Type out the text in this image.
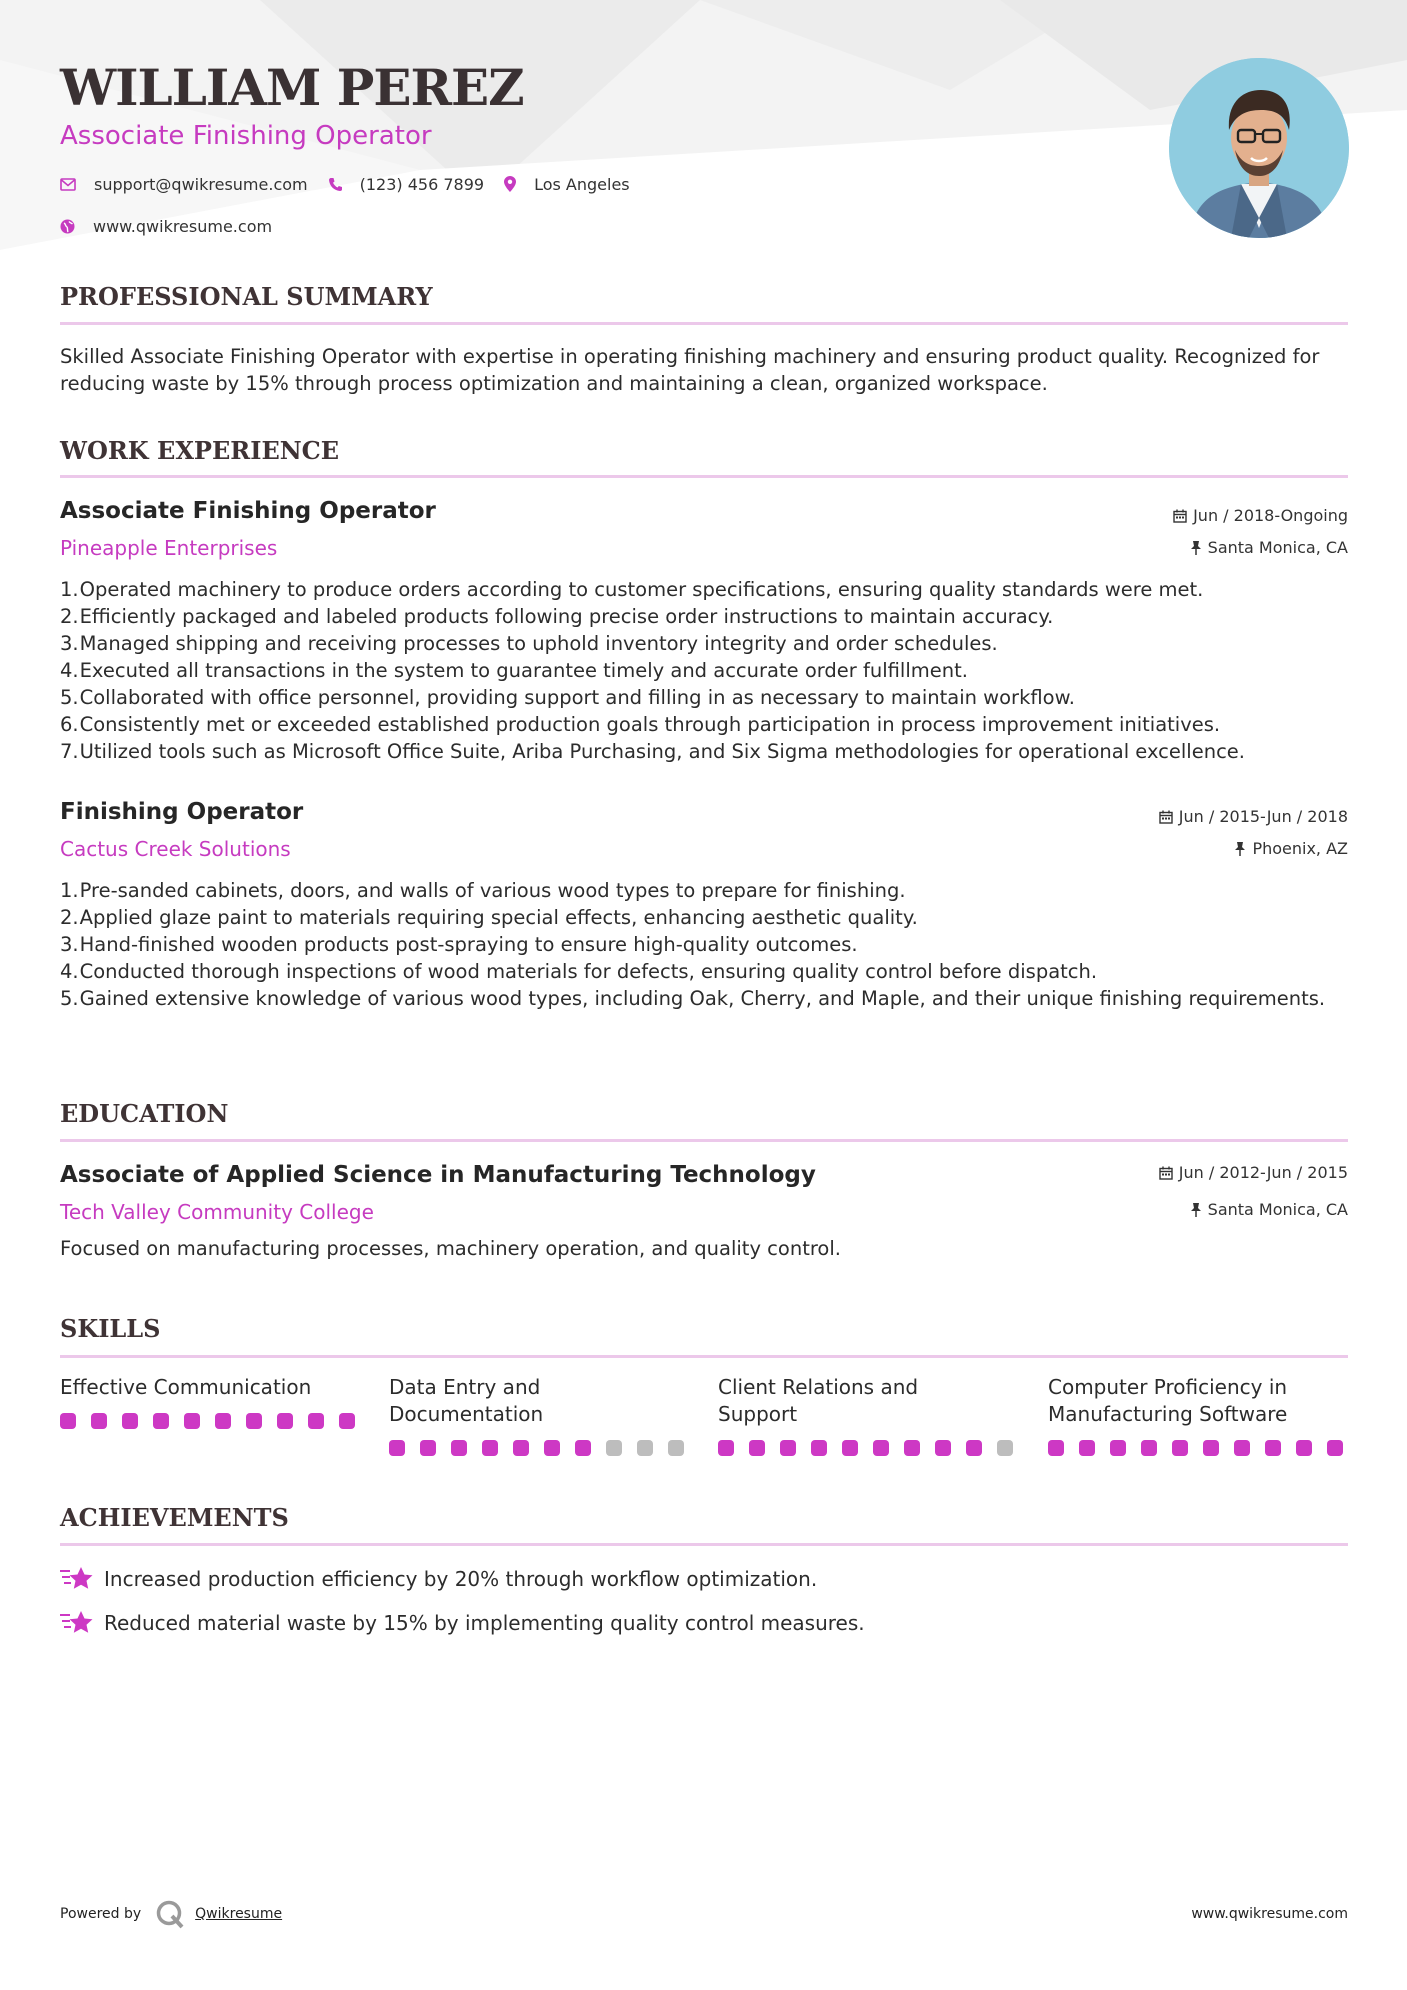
WILLIAM PEREZ

Associate Finishing Operator

support@qwikresume.com	(123) 456 7899	Los Angeles
www.qwikresume.com
PROFESSIONAL SUMMARY

Skilled Associate Finishing Operator with expertise in operating finishing machinery and ensuring product quality. Recognized for reducing waste by 15% through process optimization and maintaining a clean, organized workspace.

WORK EXPERIENCE
Associate Finishing Operator	Jun / 2018-Ongoing

Pineapple Enterprises	Santa Monica, CA
1. Operated machinery to produce orders according to customer specifications, ensuring quality standards were met.
2. Efficiently packaged and labeled products following precise order instructions to maintain accuracy.
3. Managed shipping and receiving processes to uphold inventory integrity and order schedules.
4. Executed all transactions in the system to guarantee timely and accurate order fulfillment.
5. Collaborated with office personnel, providing support and filling in as necessary to maintain workflow.
6. Consistently met or exceeded established production goals through participation in process improvement initiatives.
7. Utilized tools such as Microsoft Office Suite, Ariba Purchasing, and Six Sigma methodologies for operational excellence.
Finishing Operator	Jun / 2015-Jun / 2018

Cactus Creek Solutions	Phoenix, AZ
1. Pre-sanded cabinets, doors, and walls of various wood types to prepare for finishing.
2. Applied glaze paint to materials requiring special effects, enhancing aesthetic quality.
3. Hand-finished wooden products post-spraying to ensure high-quality outcomes.
4. Conducted thorough inspections of wood materials for defects, ensuring quality control before dispatch.
5. Gained extensive knowledge of various wood types, including Oak, Cherry, and Maple, and their unique finishing requirements.
EDUCATION
Associate of Applied Science in Manufacturing Technology	Jun / 2012-Jun / 2015

Tech Valley Community College	Santa Monica, CA

Focused on manufacturing processes, machinery operation, and quality control.

SKILLS

Effective Communication	Data Entry and Documentation

Client Relations and Support

Computer Proficiency in Manufacturing Software

ACHIEVEMENTS
Increased production efficiency by 20% through workflow optimization.
Reduced material waste by 15% by implementing quality control measures.
Powered by	Qwikresume	www.qwikresume.com
